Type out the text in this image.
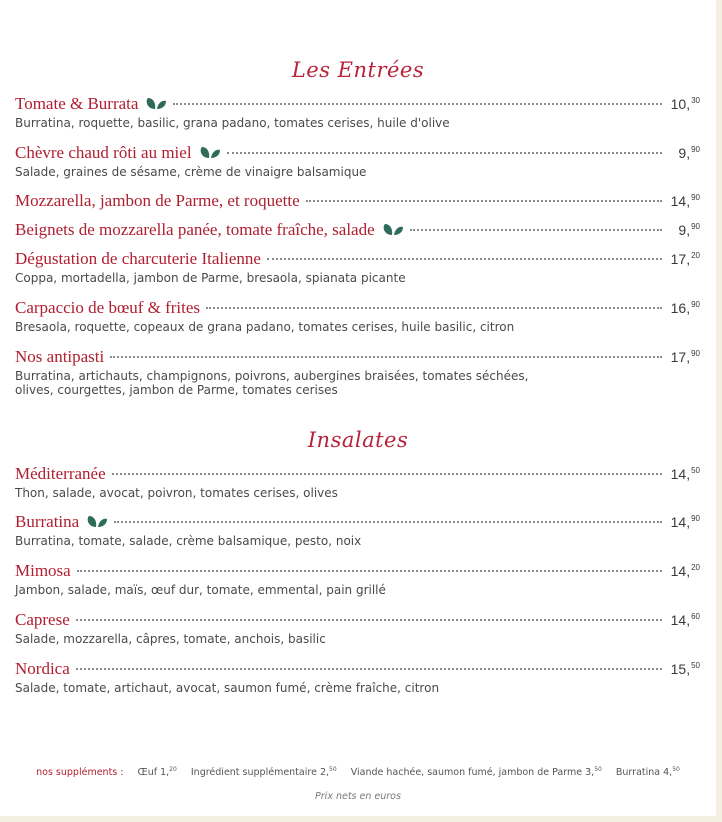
Les Entrées
Tomate & Burrata	10,30
Burratina, roquette, basilic, grana padano, tomates cerises, huile d'olive
Chèvre chaud rôti au miel	9,90
Salade, graines de sésame, crème de vinaigre balsamique
Mozzarella, jambon de Parme, et roquette	14,90
Beignets de mozzarella panée, tomate fraîche, salade	9,90
Dégustation de charcuterie Italienne	17,20
Coppa, mortadella, jambon de Parme, bresaola, spianata picante
Carpaccio de bœuf & frites	16,90
Bresaola, roquette, copeaux de grana padano, tomates cerises, huile basilic, citron
Nos antipasti	17,90
Burratina, artichauts, champignons, poivrons, aubergines braisées, tomates séchées,
olives, courgettes, jambon de Parme, tomates cerises
Insalates
Méditerranée	14,50
Thon, salade, avocat, poivron, tomates cerises, olives
Burratina	14,90
Burratina, tomate, salade, crème balsamique, pesto, noix
Mimosa	14,20
Jambon, salade, maïs, œuf dur, tomate, emmental, pain grillé
Caprese	14,60
Salade, mozzarella, câpres, tomate, anchois, basilic
Nordica	15,50
Salade, tomate, artichaut, avocat, saumon fumé, crème fraîche, citron
nos suppléments : Œuf 1,20 Ingrédient supplémentaire 2,50 Viande hachée, saumon fumé, jambon de Parme 3,50 Burratina 4,50
Prix nets en euros
